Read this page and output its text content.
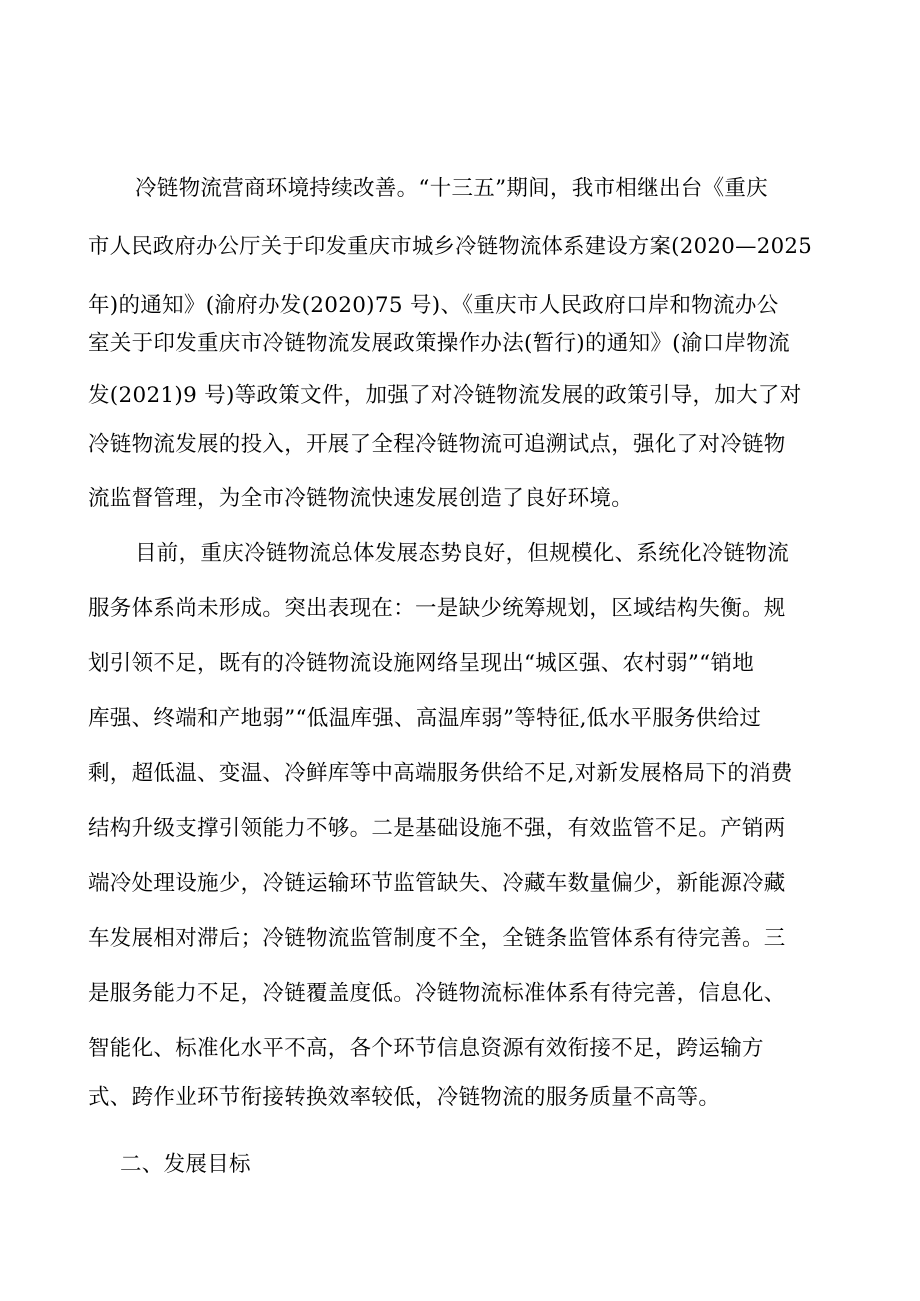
冷链物流营商环境持续改善。“十三五”期间，我市相继出台《重庆
市人民政府办公厅关于印发重庆市城乡冷链物流体系建设方案(2020—2025
年)的通知》(渝府办发(2020)75 号)、《重庆市人民政府口岸和物流办公
室关于印发重庆市冷链物流发展政策操作办法(暂行)的通知》(渝口岸物流
发(2021)9 号)等政策文件，加强了对冷链物流发展的政策引导，加大了对
冷链物流发展的投入，开展了全程冷链物流可追溯试点，强化了对冷链物
流监督管理，为全市冷链物流快速发展创造了良好环境。
目前，重庆冷链物流总体发展态势良好，但规模化、系统化冷链物流
服务体系尚未形成。突出表现在：一是缺少统筹规划，区域结构失衡。规
划引领不足，既有的冷链物流设施网络呈现出“城区强、农村弱”“销地
库强、终端和产地弱”“低温库强、高温库弱”等特征,低水平服务供给过
剩，超低温、变温、冷鲜库等中高端服务供给不足,对新发展格局下的消费
结构升级支撑引领能力不够。二是基础设施不强，有效监管不足。产销两
端冷处理设施少，冷链运输环节监管缺失、冷藏车数量偏少，新能源冷藏
车发展相对滞后；冷链物流监管制度不全，全链条监管体系有待完善。三
是服务能力不足，冷链覆盖度低。冷链物流标准体系有待完善，信息化、
智能化、标准化水平不高，各个环节信息资源有效衔接不足，跨运输方
式、跨作业环节衔接转换效率较低，冷链物流的服务质量不高等。
二、发展目标
